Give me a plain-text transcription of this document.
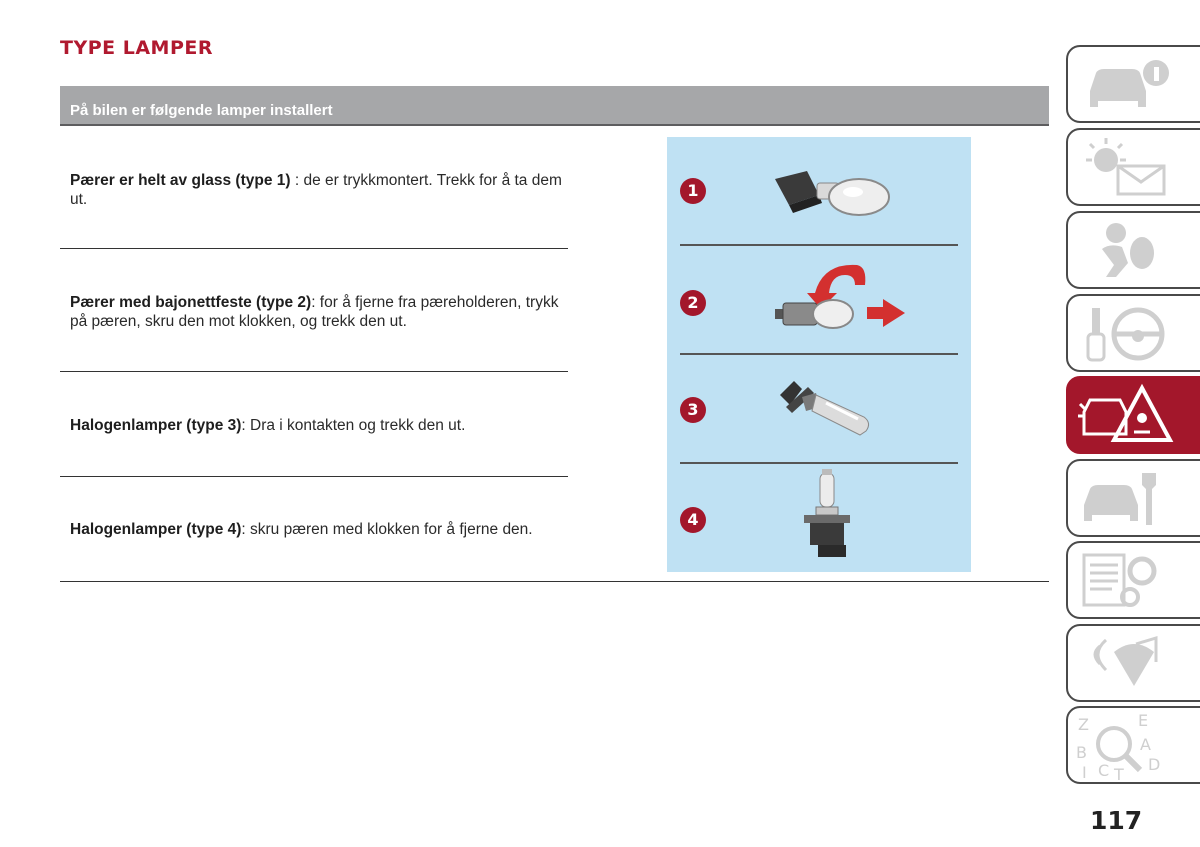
TYPE LAMPER
På bilen er følgende lamper installert
Pærer er helt av glass (type 1) : de er trykkmontert. Trekk for å ta dem ut.
Pærer med bajonettfeste (type 2): for å fjerne fra pæreholderen, trykk på pæren, skru den mot klokken, og trekk den ut.
Halogenlamper (type 3): Dra i kontakten og trekk den ut.
Halogenlamper (type 4): skru pæren med klokken for å fjerne den.
1
2
3
4
Z	E
B	A
I C T
D
117
